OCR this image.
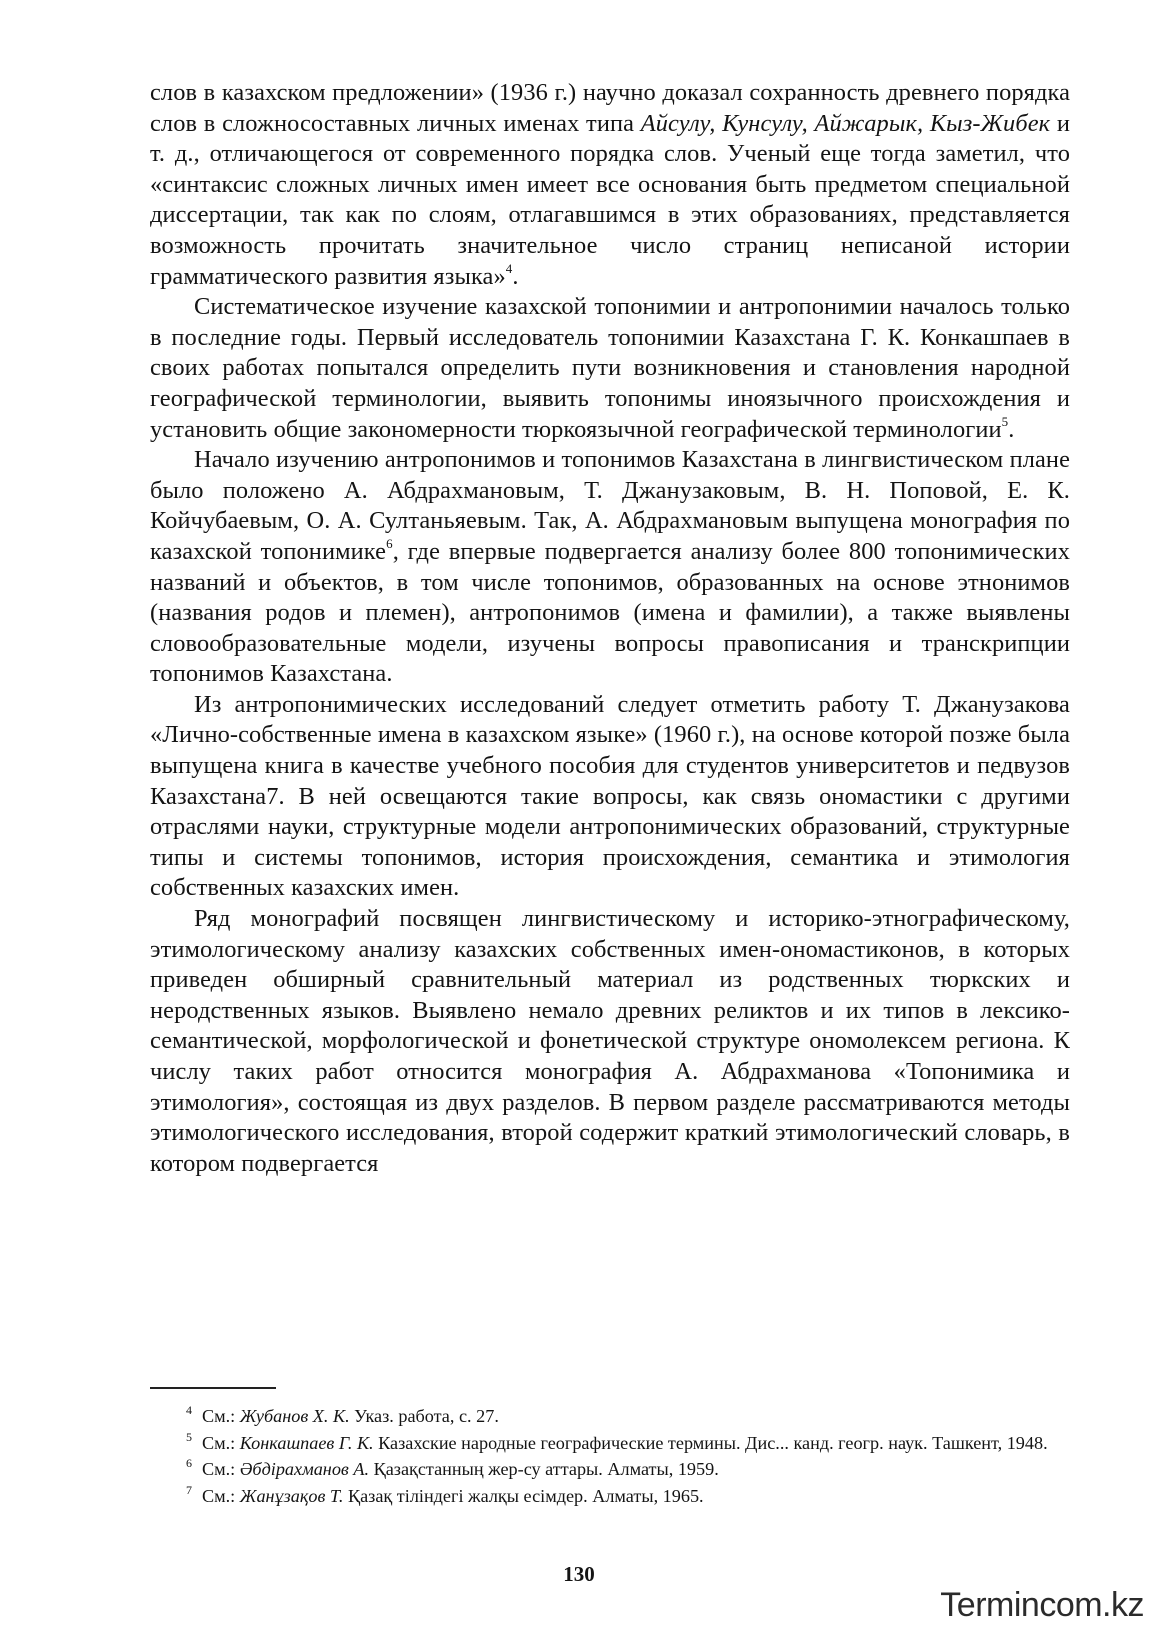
слов в казахском предложении» (1936 г.) научно доказал сохранность древнего порядка слов в сложносоставных личных именах типа Айсулу, Кунсулу, Айжарык, Кыз-Жибек и т. д., отличающегося от современного порядка слов. Ученый еще тогда заметил, что «синтаксис сложных личных имен имеет все основания быть предметом специальной диссертации, так как по слоям, отлагавшимся в этих образованиях, представляется возможность прочитать значительное число страниц неписаной истории грамматического развития языка»$^4$.

Систематическое изучение казахской топонимии и антропонимии началось только в последние годы. Первый исследователь топонимии Казахстана Г. К. Конкашпаев в своих работах попытался определить пути возникновения и становления народной географической терминологии, выявить топонимы иноязычного происхождения и установить общие закономерности тюркоязычной географической терминологии$^5$.

Начало изучению антропонимов и топонимов Казахстана в лингвистическом плане было положено А. Абдрахмановым, Т. Джанузаковым, В. Н. Поповой, Е. К. Койчубаевым, О. А. Султаньяевым. Так, А. Абдрахмановым выпущена монография по казахской топонимике$^6$, где впервые подвергается анализу более 800 топонимических названий и объектов, в том числе топонимов, образованных на основе этнонимов (названия родов и племен), антропонимов (имена и фамилии), а также выявлены словообразовательные модели, изучены вопросы правописания и транскрипции топонимов Казахстана.

Из антропонимических исследований следует отметить работу Т. Джанузакова «Лично-собственные имена в казахском языке» (1960 г.), на основе которой позже была выпущена книга в качестве учебного пособия для студентов университетов и педвузов Казахстана7. В ней освещаются такие вопросы, как связь ономастики с другими отраслями науки, структурные модели антропонимических образований, структурные типы и системы топонимов, история происхождения, семантика и этимология собственных казахских имен.

Ряд монографий посвящен лингвистическому и историко-этнографическому, этимологическому анализу казахских собственных имен-ономастиконов, в которых приведен обширный сравнительный материал из родственных тюркских и неродственных языков. Выявлено немало древних реликтов и их типов в лексико-семантической, морфологической и фонетической структуре ономолексем региона. К числу таких работ относится монография А. Абдрахманова «Топонимика и этимология», состоящая из двух разделов. В первом разделе рассматриваются методы этимологического исследования, второй содержит краткий этимологический словарь, в котором подвергается

$^4$ См.: Жубанов Х. К. Указ. работа, с. 27.

$^5$ См.: Конкашпаев Г. К. Казахские народные географические термины. Дис... канд. геогр. наук. Ташкент, 1948.

$^6$ См.: Әбдірахманов А. Қазақстанның жер-су аттары. Алматы, 1959.

$^7$ См.: Жанұзақов Т. Қазақ тіліндегі жалқы есімдер. Алматы, 1965.

130
Termincom.kz
